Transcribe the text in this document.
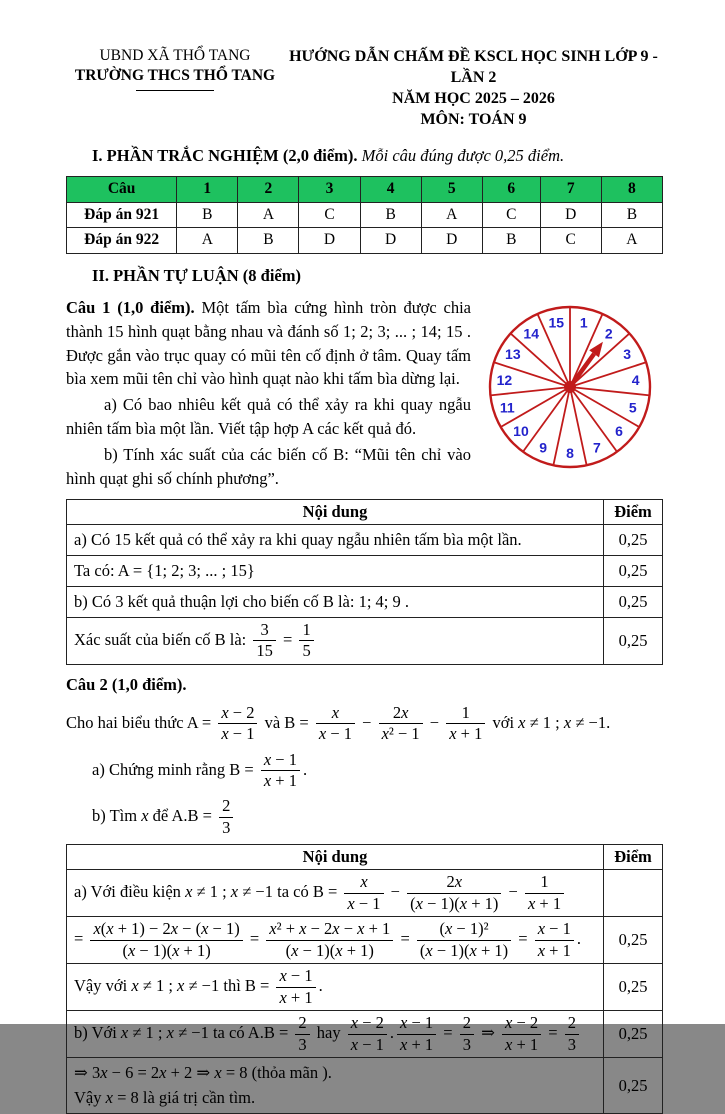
UBND XÃ THỔ TANG
TRƯỜNG THCS THỔ TANG
HƯỚNG DẪN CHẤM ĐỀ KSCL HỌC SINH LỚP 9 - LẦN 2
NĂM HỌC 2025 – 2026
MÔN: TOÁN 9
I. PHẦN TRẮC NGHIỆM (2,0 điểm). Mỗi câu đúng được 0,25 điểm.
Câu	1	2	3	4	5	6	7	8
Đáp án 921	B	A	C	B	A	C	D	B
Đáp án 922	A	B	D	D	D	B	C	A
II. PHẦN TỰ LUẬN (8 điểm)

Câu 1 (1,0 điểm). Một tấm bìa cứng hình tròn được chia thành 15 hình quạt bằng nhau và đánh số 1; 2; 3; ... ; 14; 15 . Được gắn vào trục quay có mũi tên cố định ở tâm. Quay tấm bìa xem mũi tên chỉ vào hình quạt nào khi tấm bìa dừng lại.

a) Có bao nhiêu kết quả có thể xảy ra khi quay ngẫu nhiên tấm bìa một lần. Viết tập hợp A các kết quả đó.

b) Tính xác suất của các biến cố B: “Mũi tên chỉ vào hình quạt ghi số chính phương”.

1
2
3
4
5
6
7
8
9
10
11
12
13
14
15
Nội dung	Điểm

a) Có 15 kết quả có thể xảy ra khi quay ngẫu nhiên tấm bìa một lần.	0,25

Ta có: A = {1; 2; 3; ... ; 15}	0,25

b) Có 3 kết quả thuận lợi cho biến cố B là: 1; 4; 9 .	0,25

Xác suất của biến cố B là: $\frac{3}{15} = \frac{1}{5}$	0,25
Câu 2 (1,0 điểm).
Cho hai biểu thức $A = \frac{x - 2}{x - 1}$ và $B = \frac{x}{x - 1} - \frac{2x}{\text{x² − 1}} - \frac{1}{x + 1}$ với x ≠ 1 ; x ≠ −1.
a) Chứng minh rằng $B = \frac{x - 1}{x + 1}$ .
b) Tìm x để $A.B = \frac{2}{3}$
Nội dung	Điểm

a) Với điều kiện x ≠ 1 ; x ≠ −1 ta có $B = \frac{x}{x - 1} - \frac{2x}{(x - 1)(x + 1)} - \frac{1}{x + 1}$

= $\frac{x(x + 1) - 2x - (x - 1)}{(x - 1)(x + 1)} = \frac{\text{x² + x − 2x − x + 1}}{(x - 1)(x + 1)} = \frac{\text{(x − 1)²}}{(x - 1)(x + 1)} = \frac{x - 1}{x + 1}$ .	0,25

Vậy với x ≠ 1 ; x ≠ −1 thì $B = \frac{x - 1}{x + 1}$ .	0,25

b) Với x ≠ 1 ; x ≠ −1 ta có $A.B = \frac{2}{3}$ hay $\frac{x - 2}{x - 1}$ . $\frac{x - 1}{x + 1} = \frac{2}{3}$ ⇒ $\frac{x - 2}{x + 1} = \frac{2}{3}$	0,25

⇒ 3x − 6 = 2x + 2 ⇒ x = 8 (thỏa mãn ).
Vậy x = 8 là giá trị cần tìm.	0,25
